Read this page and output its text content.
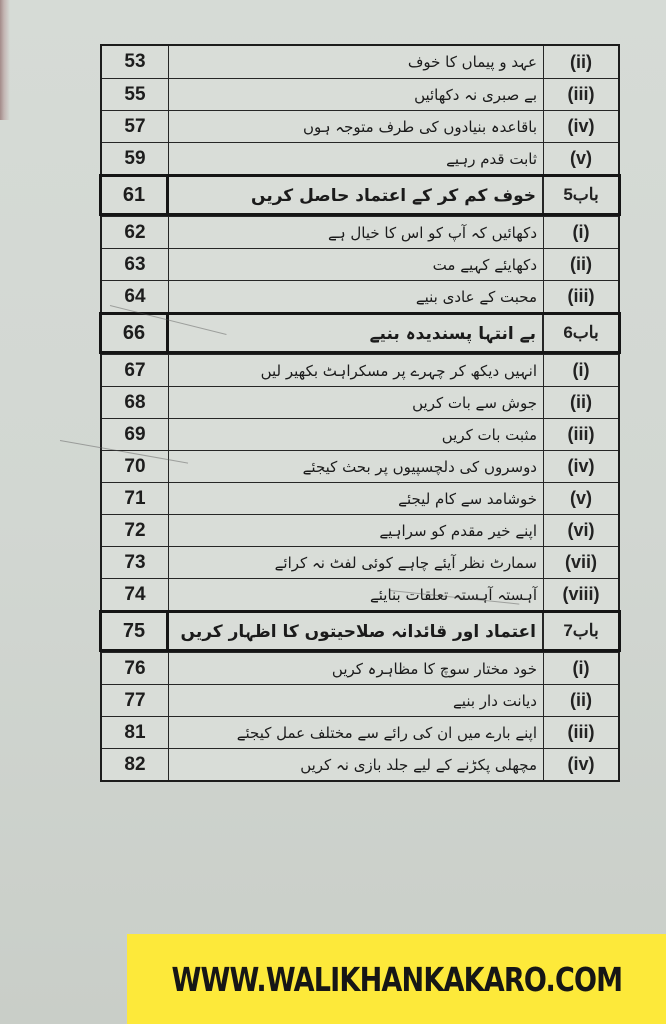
53	عہد و پیماں کا خوف	(ii)
55	بے صبری نہ دکھائیں	(iii)
57	باقاعدہ بنیادوں کی طرف متوجہ ہوں	(iv)
59	ثابت قدم رہیے	(v)
61	خوف کم کر کے اعتماد حاصل کریں	باب5
62	دکھائیں کہ آپ کو اس کا خیال ہے	(i)
63	دکھایئے کہیے مت	(ii)
64	محبت کے عادی بنیے	(iii)
66	بے انتہا پسندیدہ بنیے	باب6
67	انہیں دیکھ کر چہرے پر مسکراہٹ بکھیر لیں	(i)
68	جوش سے بات کریں	(ii)
69	مثبت بات کریں	(iii)
70	دوسروں کی دلچسپیوں پر بحث کیجئے	(iv)
71	خوشامد سے کام لیجئے	(v)
72	اپنے خیر مقدم کو سراہیے	(vi)
73	سمارٹ نظر آیئے چاہے کوئی لفٹ نہ کرائے	(vii)
74	آہستہ آہستہ تعلقات بنایئے	(viii)
75	اعتماد اور قائدانہ صلاحیتوں کا اظہار کریں	باب7
76	خود مختار سوچ کا مظاہرہ کریں	(i)
77	دیانت دار بنیے	(ii)
81	اپنے بارے میں ان کی رائے سے مختلف عمل کیجئے	(iii)
82	مچھلی پکڑنے کے لیے جلد بازی نہ کریں	(iv)
WWW.WALIKHANKAKARO.COM
